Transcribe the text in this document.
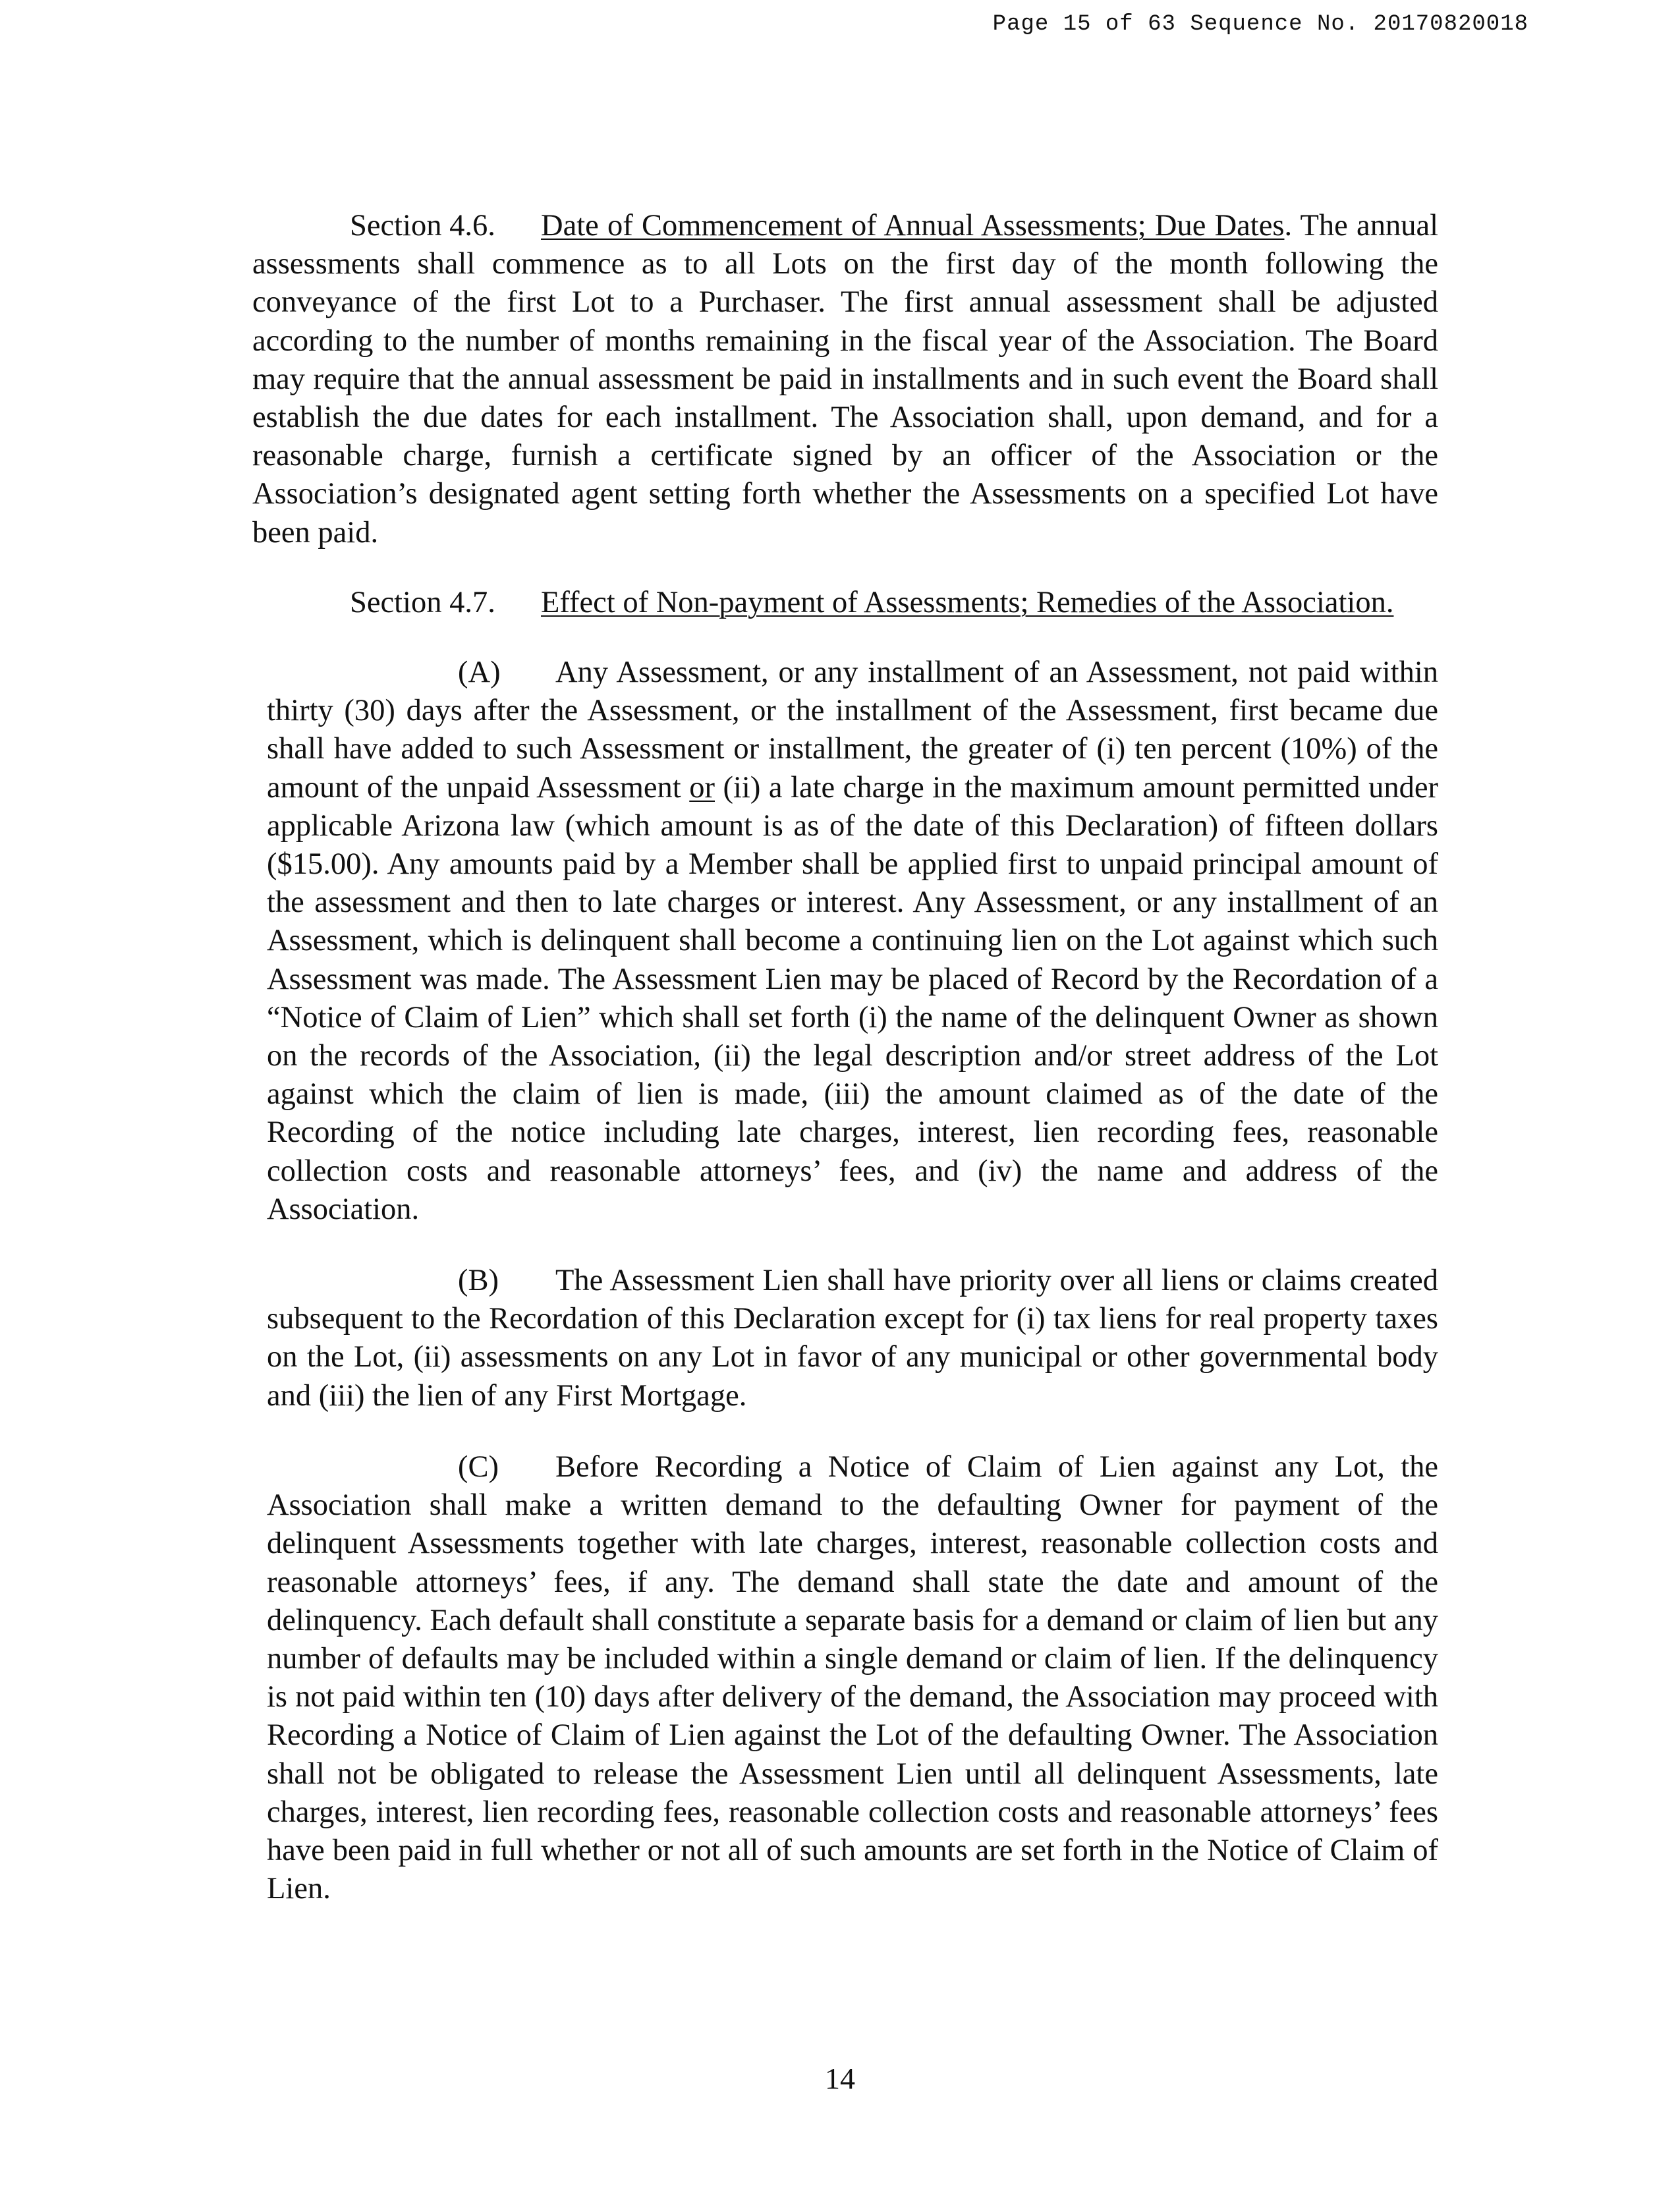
Page 15 of 63 Sequence No. 20170820018

Section 4.6. Date of Commencement of Annual Assessments; Due Dates. The annual assessments shall commence as to all Lots on the first day of the month following the conveyance of the first Lot to a Purchaser. The first annual assessment shall be adjusted according to the number of months remaining in the fiscal year of the Association. The Board may require that the annual assessment be paid in installments and in such event the Board shall establish the due dates for each installment. The Association shall, upon demand, and for a reasonable charge, furnish a certificate signed by an officer of the Association or the Association’s designated agent setting forth whether the Assessments on a specified Lot have been paid.

Section 4.7. Effect of Non-payment of Assessments; Remedies of the Association.

(A) Any Assessment, or any installment of an Assessment, not paid within thirty (30) days after the Assessment, or the installment of the Assessment, first became due shall have added to such Assessment or installment, the greater of (i) ten percent (10%) of the amount of the unpaid Assessment or (ii) a late charge in the maximum amount permitted under applicable Arizona law (which amount is as of the date of this Declaration) of fifteen dollars ($15.00). Any amounts paid by a Member shall be applied first to unpaid principal amount of the assessment and then to late charges or interest. Any Assessment, or any installment of an Assessment, which is delinquent shall become a continuing lien on the Lot against which such Assessment was made. The Assessment Lien may be placed of Record by the Recordation of a “Notice of Claim of Lien” which shall set forth (i) the name of the delinquent Owner as shown on the records of the Association, (ii) the legal description and/or street address of the Lot against which the claim of lien is made, (iii) the amount claimed as of the date of the Recording of the notice including late charges, interest, lien recording fees, reasonable collection costs and reasonable attorneys’ fees, and (iv) the name and address of the Association.

(B) The Assessment Lien shall have priority over all liens or claims created subsequent to the Recordation of this Declaration except for (i) tax liens for real property taxes on the Lot, (ii) assessments on any Lot in favor of any municipal or other governmental body and (iii) the lien of any First Mortgage.

(C) Before Recording a Notice of Claim of Lien against any Lot, the Association shall make a written demand to the defaulting Owner for payment of the delinquent Assessments together with late charges, interest, reasonable collection costs and reasonable attorneys’ fees, if any. The demand shall state the date and amount of the delinquency. Each default shall constitute a separate basis for a demand or claim of lien but any number of defaults may be included within a single demand or claim of lien. If the delinquency is not paid within ten (10) days after delivery of the demand, the Association may proceed with Recording a Notice of Claim of Lien against the Lot of the defaulting Owner. The Association shall not be obligated to release the Assessment Lien until all delinquent Assessments, late charges, interest, lien recording fees, reasonable collection costs and reasonable attorneys’ fees have been paid in full whether or not all of such amounts are set forth in the Notice of Claim of Lien.

14
